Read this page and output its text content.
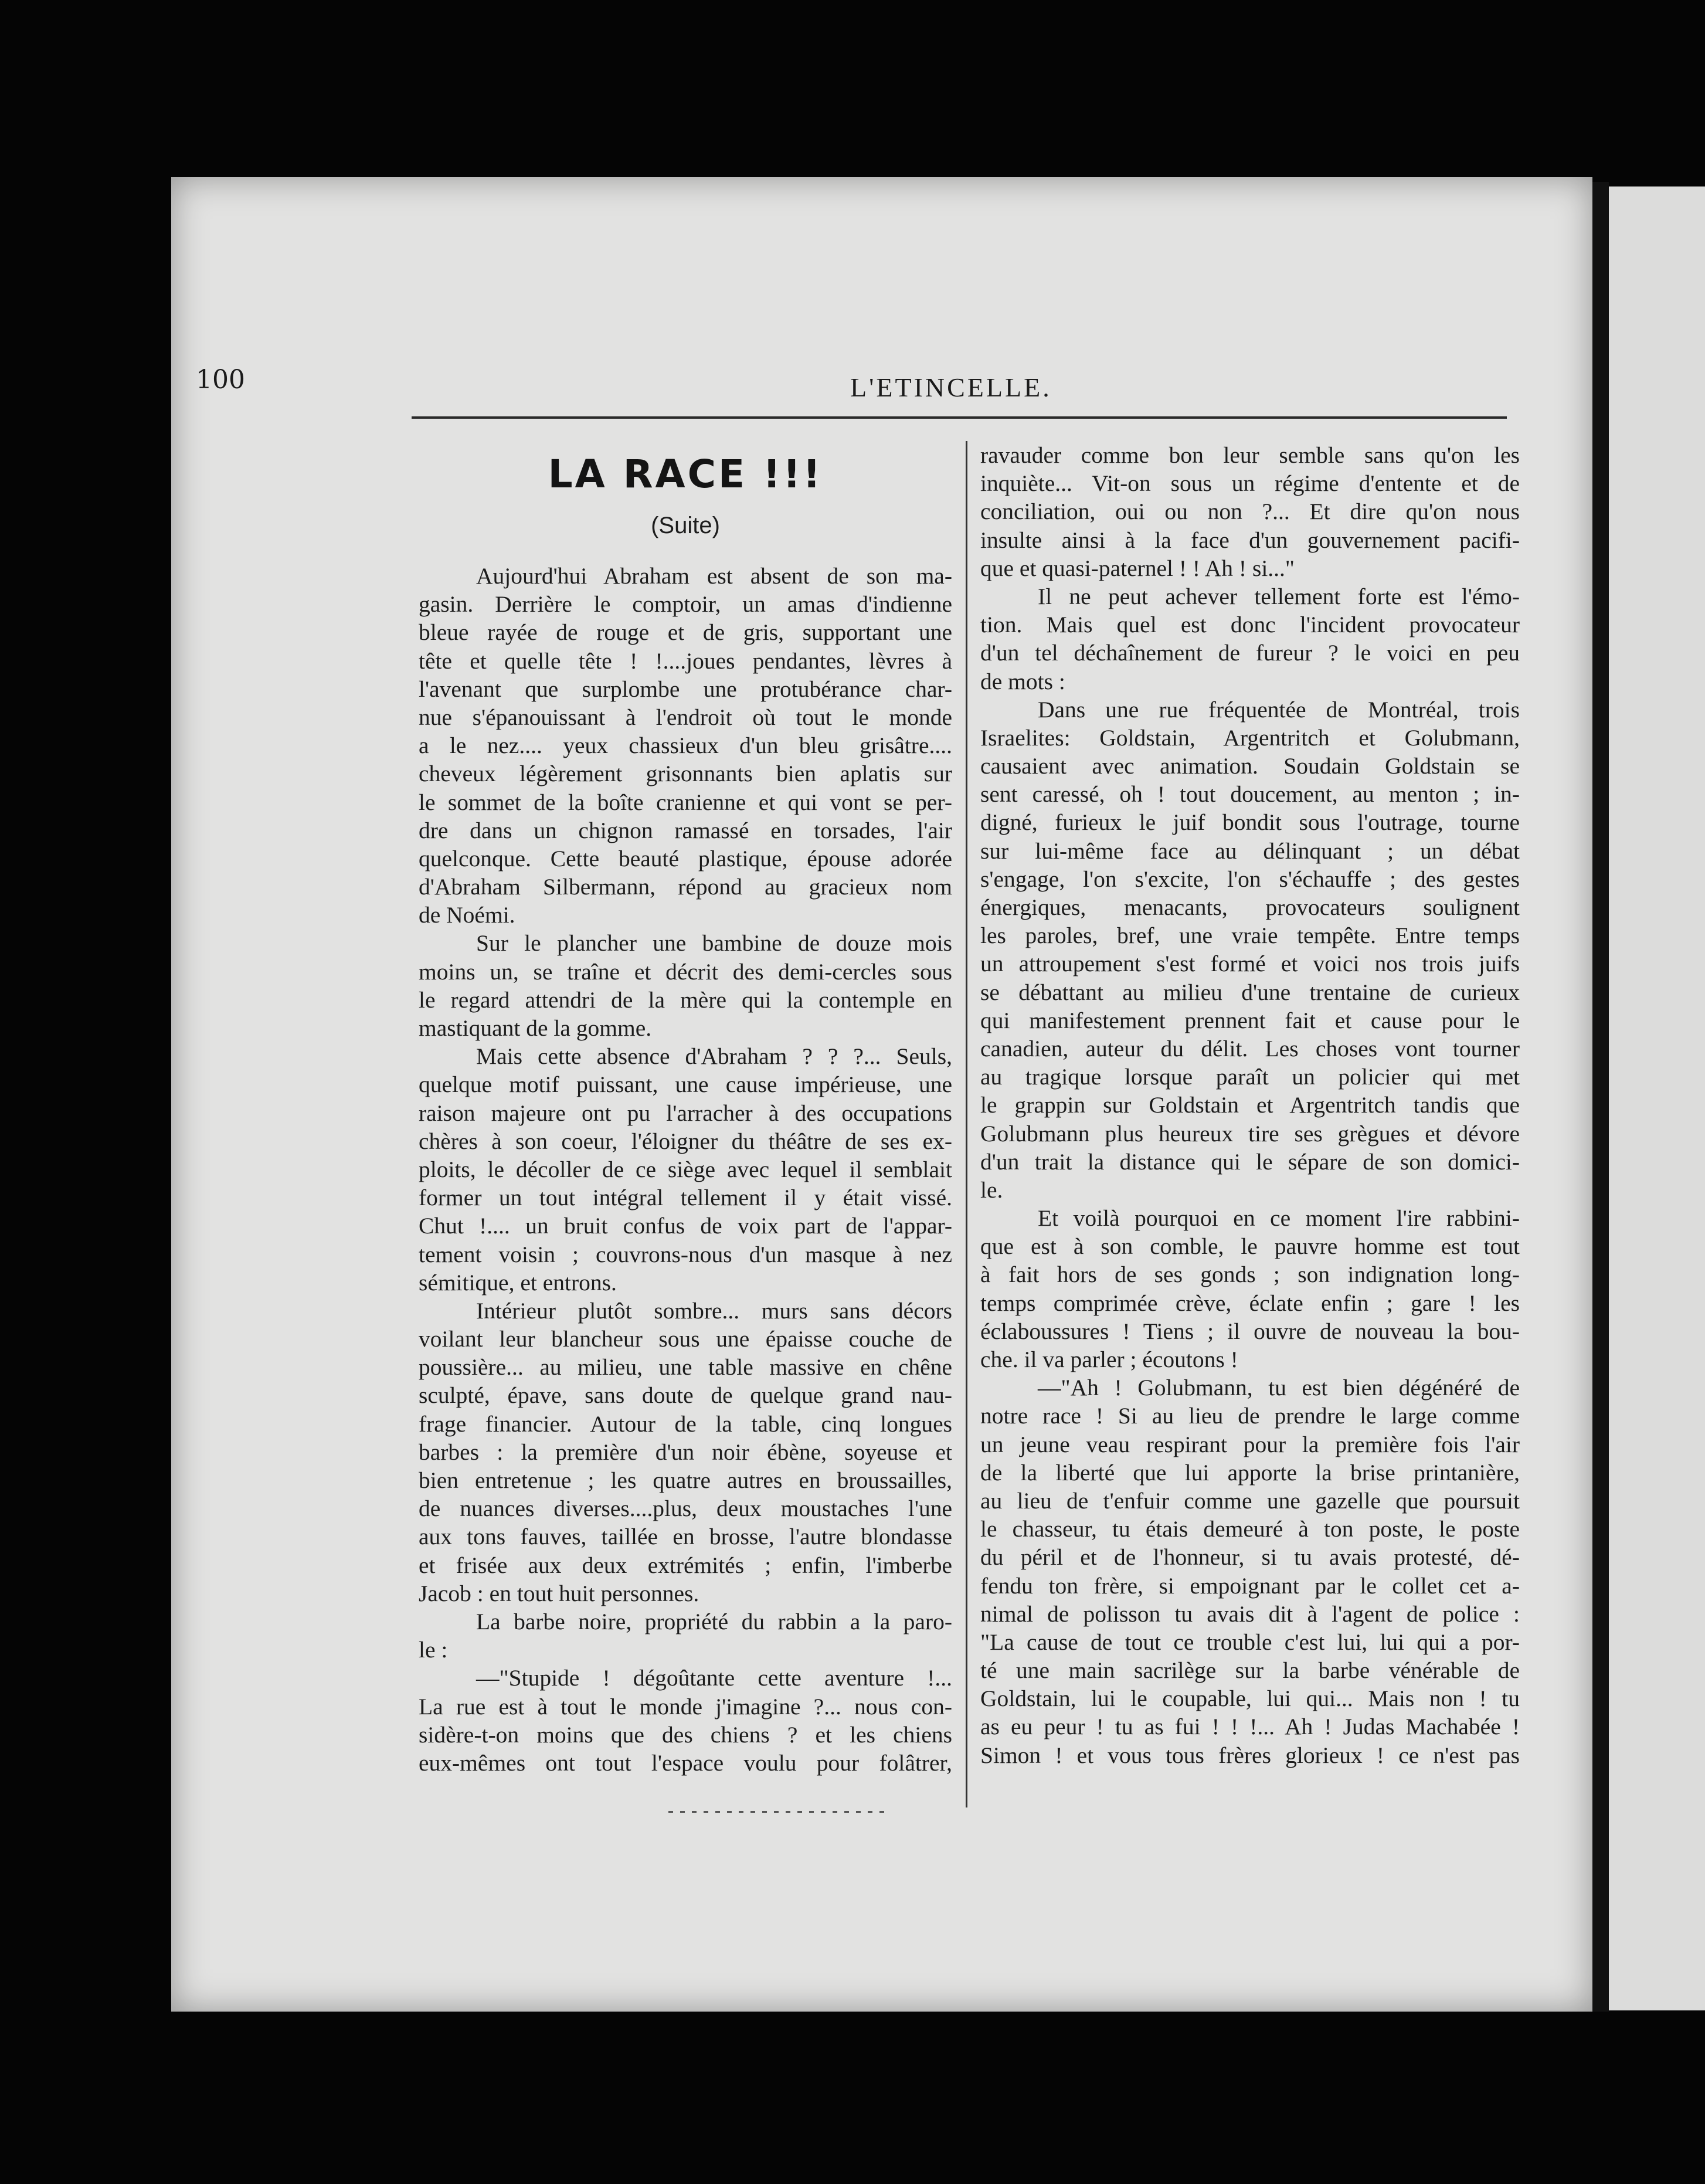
100	L'ETINCELLE.
LA RACE !!!
(Suite)
Aujourd'hui Abraham est absent de son ma-
gasin. Derrière le comptoir, un amas d'indienne
bleue rayée de rouge et de gris, supportant une
tête et quelle tête ! !....joues pendantes, lèvres à
l'avenant que surplombe une protubérance char-
nue s'épanouissant à l'endroit où tout le monde
a le nez.... yeux chassieux d'un bleu grisâtre....
cheveux légèrement grisonnants bien aplatis sur
le sommet de la boîte cranienne et qui vont se per-
dre dans un chignon ramassé en torsades, l'air
quelconque. Cette beauté plastique, épouse adorée
d'Abraham Silbermann, répond au gracieux nom
de Noémi.
Sur le plancher une bambine de douze mois
moins un, se traîne et décrit des demi-cercles sous
le regard attendri de la mère qui la contemple en
mastiquant de la gomme.
Mais cette absence d'Abraham ? ? ?... Seuls,
quelque motif puissant, une cause impérieuse, une
raison majeure ont pu l'arracher à des occupations
chères à son coeur, l'éloigner du théâtre de ses ex-
ploits, le décoller de ce siège avec lequel il semblait
former un tout intégral tellement il y était vissé.
Chut !.... un bruit confus de voix part de l'appar-
tement voisin ; couvrons-nous d'un masque à nez
sémitique, et entrons.
Intérieur plutôt sombre... murs sans décors
voilant leur blancheur sous une épaisse couche de
poussière... au milieu, une table massive en chêne
sculpté, épave, sans doute de quelque grand nau-
frage financier. Autour de la table, cinq longues
barbes : la première d'un noir ébène, soyeuse et
bien entretenue ; les quatre autres en broussailles,
de nuances diverses....plus, deux moustaches l'une
aux tons fauves, taillée en brosse, l'autre blondasse
et frisée aux deux extrémités ; enfin, l'imberbe
Jacob : en tout huit personnes.
La barbe noire, propriété du rabbin a la paro-
le :
—"Stupide ! dégoûtante cette aventure !...
La rue est à tout le monde j'imagine ?... nous con-
sidère-t-on moins que des chiens ? et les chiens
eux-mêmes ont tout l'espace voulu pour folâtrer,
ravauder comme bon leur semble sans qu'on les
inquiète... Vit-on sous un régime d'entente et de
conciliation, oui ou non ?... Et dire qu'on nous
insulte ainsi à la face d'un gouvernement pacifi-
que et quasi-paternel ! ! Ah ! si..."
Il ne peut achever tellement forte est l'émo-
tion. Mais quel est donc l'incident provocateur
d'un tel déchaînement de fureur ? le voici en peu
de mots :
Dans une rue fréquentée de Montréal, trois
Israelites: Goldstain, Argentritch et Golubmann,
causaient avec animation. Soudain Goldstain se
sent caressé, oh ! tout doucement, au menton ; in-
digné, furieux le juif bondit sous l'outrage, tourne
sur lui-même face au délinquant ; un débat
s'engage, l'on s'excite, l'on s'échauffe ; des gestes
énergiques, menacants, provocateurs soulignent
les paroles, bref, une vraie tempête. Entre temps
un attroupement s'est formé et voici nos trois juifs
se débattant au milieu d'une trentaine de curieux
qui manifestement prennent fait et cause pour le
canadien, auteur du délit. Les choses vont tourner
au tragique lorsque paraît un policier qui met
le grappin sur Goldstain et Argentritch tandis que
Golubmann plus heureux tire ses grègues et dévore
d'un trait la distance qui le sépare de son domici-
le.
Et voilà pourquoi en ce moment l'ire rabbini-
que est à son comble, le pauvre homme est tout
à fait hors de ses gonds ; son indignation long-
temps comprimée crève, éclate enfin ; gare ! les
éclaboussures ! Tiens ; il ouvre de nouveau la bou-
che. il va parler ; écoutons !
—"Ah ! Golubmann, tu est bien dégénéré de
notre race ! Si au lieu de prendre le large comme
un jeune veau respirant pour la première fois l'air
de la liberté que lui apporte la brise printanière,
au lieu de t'enfuir comme une gazelle que poursuit
le chasseur, tu étais demeuré à ton poste, le poste
du péril et de l'honneur, si tu avais protesté, dé-
fendu ton frère, si empoignant par le collet cet a-
nimal de polisson tu avais dit à l'agent de police :
"La cause de tout ce trouble c'est lui, lui qui a por-
té une main sacrilège sur la barbe vénérable de
Goldstain, lui le coupable, lui qui... Mais non ! tu
as eu peur ! tu as fui ! ! !... Ah ! Judas Machabée !
Simon ! et vous tous frères glorieux ! ce n'est pas
